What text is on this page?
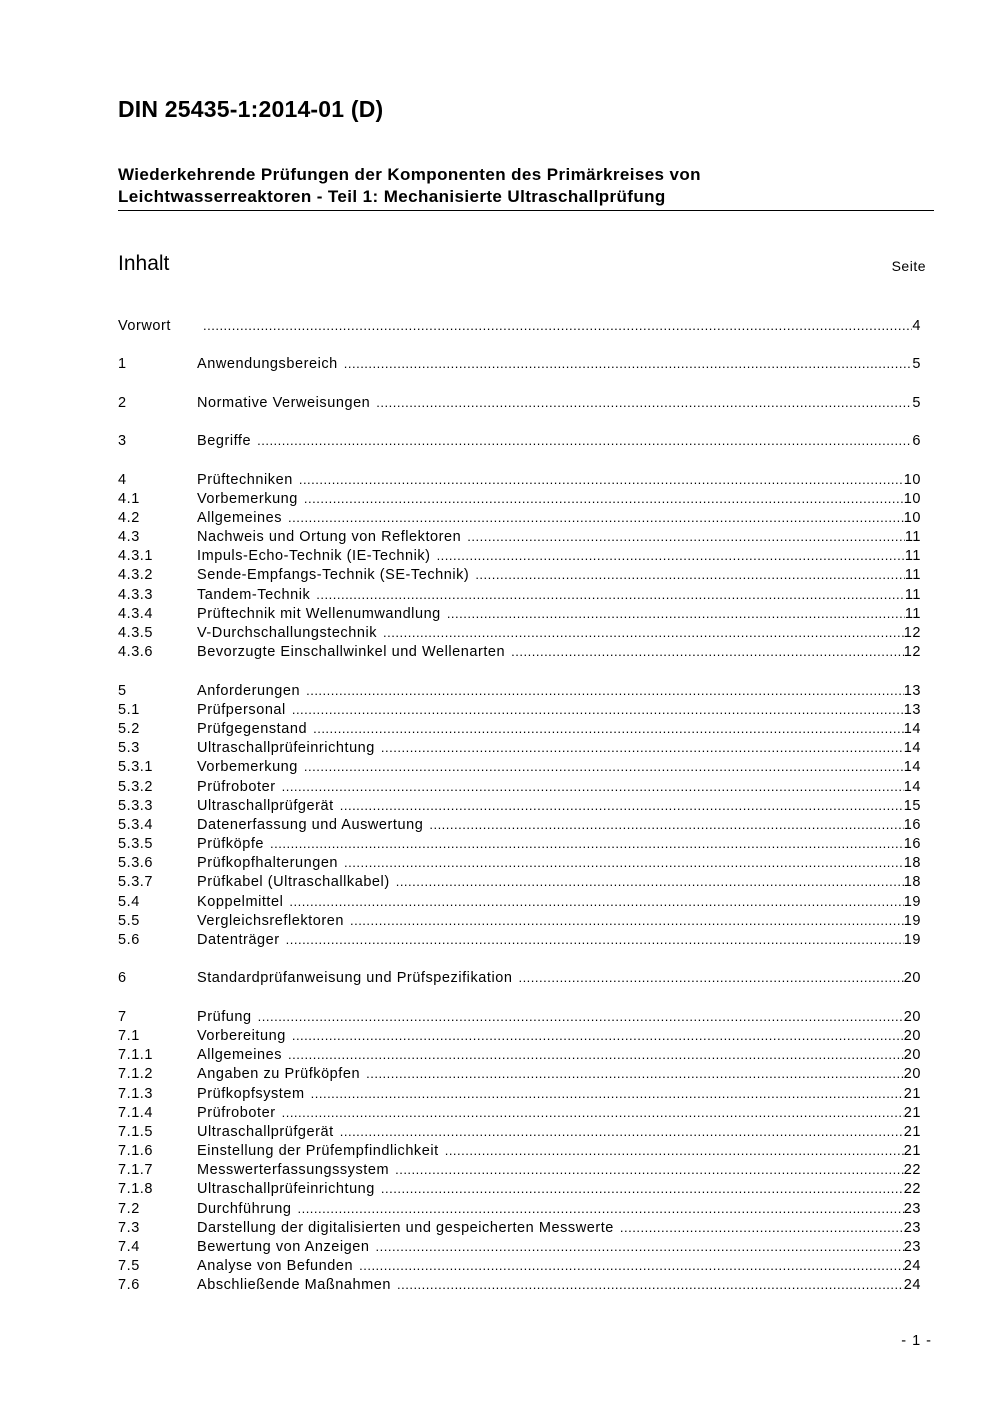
DIN 25435-1:2014-01 (D)
Wiederkehrende Prüfungen der Komponenten des Primärkreises von
Leichtwasserreaktoren - Teil 1: Mechanisierte Ultraschallprüfung
Inhalt	Seite
Vorwort .....	4
1	Anwendungsbereich .....	5
2	Normative Verweisungen .....	5
3	Begriffe .....	6
4	Prüftechniken .....	10
4.1	Vorbemerkung .....	10
4.2	Allgemeines .....	10
4.3	Nachweis und Ortung von Reflektoren .....	11
4.3.1	Impuls-Echo-Technik (IE-Technik) .....	11
4.3.2	Sende-Empfangs-Technik (SE-Technik) .....	11
4.3.3	Tandem-Technik .....	11
4.3.4	Prüftechnik mit Wellenumwandlung .....	11
4.3.5	V-Durchschallungstechnik .....	12
4.3.6	Bevorzugte Einschallwinkel und Wellenarten .....	12
5	Anforderungen .....	13
5.1	Prüfpersonal .....	13
5.2	Prüfgegenstand .....	14
5.3	Ultraschallprüfeinrichtung .....	14
5.3.1	Vorbemerkung .....	14
5.3.2	Prüfroboter .....	14
5.3.3	Ultraschallprüfgerät .....	15
5.3.4	Datenerfassung und Auswertung .....	16
5.3.5	Prüfköpfe .....	16
5.3.6	Prüfkopfhalterungen .....	18
5.3.7	Prüfkabel (Ultraschallkabel) .....	18
5.4	Koppelmittel .....	19
5.5	Vergleichsreflektoren .....	19
5.6	Datenträger .....	19
6	Standardprüfanweisung und Prüfspezifikation .....	20
7	Prüfung .....	20
7.1	Vorbereitung .....	20
7.1.1	Allgemeines .....	20
7.1.2	Angaben zu Prüfköpfen .....	20
7.1.3	Prüfkopfsystem .....	21
7.1.4	Prüfroboter .....	21
7.1.5	Ultraschallprüfgerät .....	21
7.1.6	Einstellung der Prüfempfindlichkeit .....	21
7.1.7	Messwerterfassungssystem .....	22
7.1.8	Ultraschallprüfeinrichtung .....	22
7.2	Durchführung .....	23
7.3	Darstellung der digitalisierten und gespeicherten Messwerte .....	23
7.4	Bewertung von Anzeigen .....	23
7.5	Analyse von Befunden .....	24
7.6	Abschließende Maßnahmen .....	24
- 1 -
